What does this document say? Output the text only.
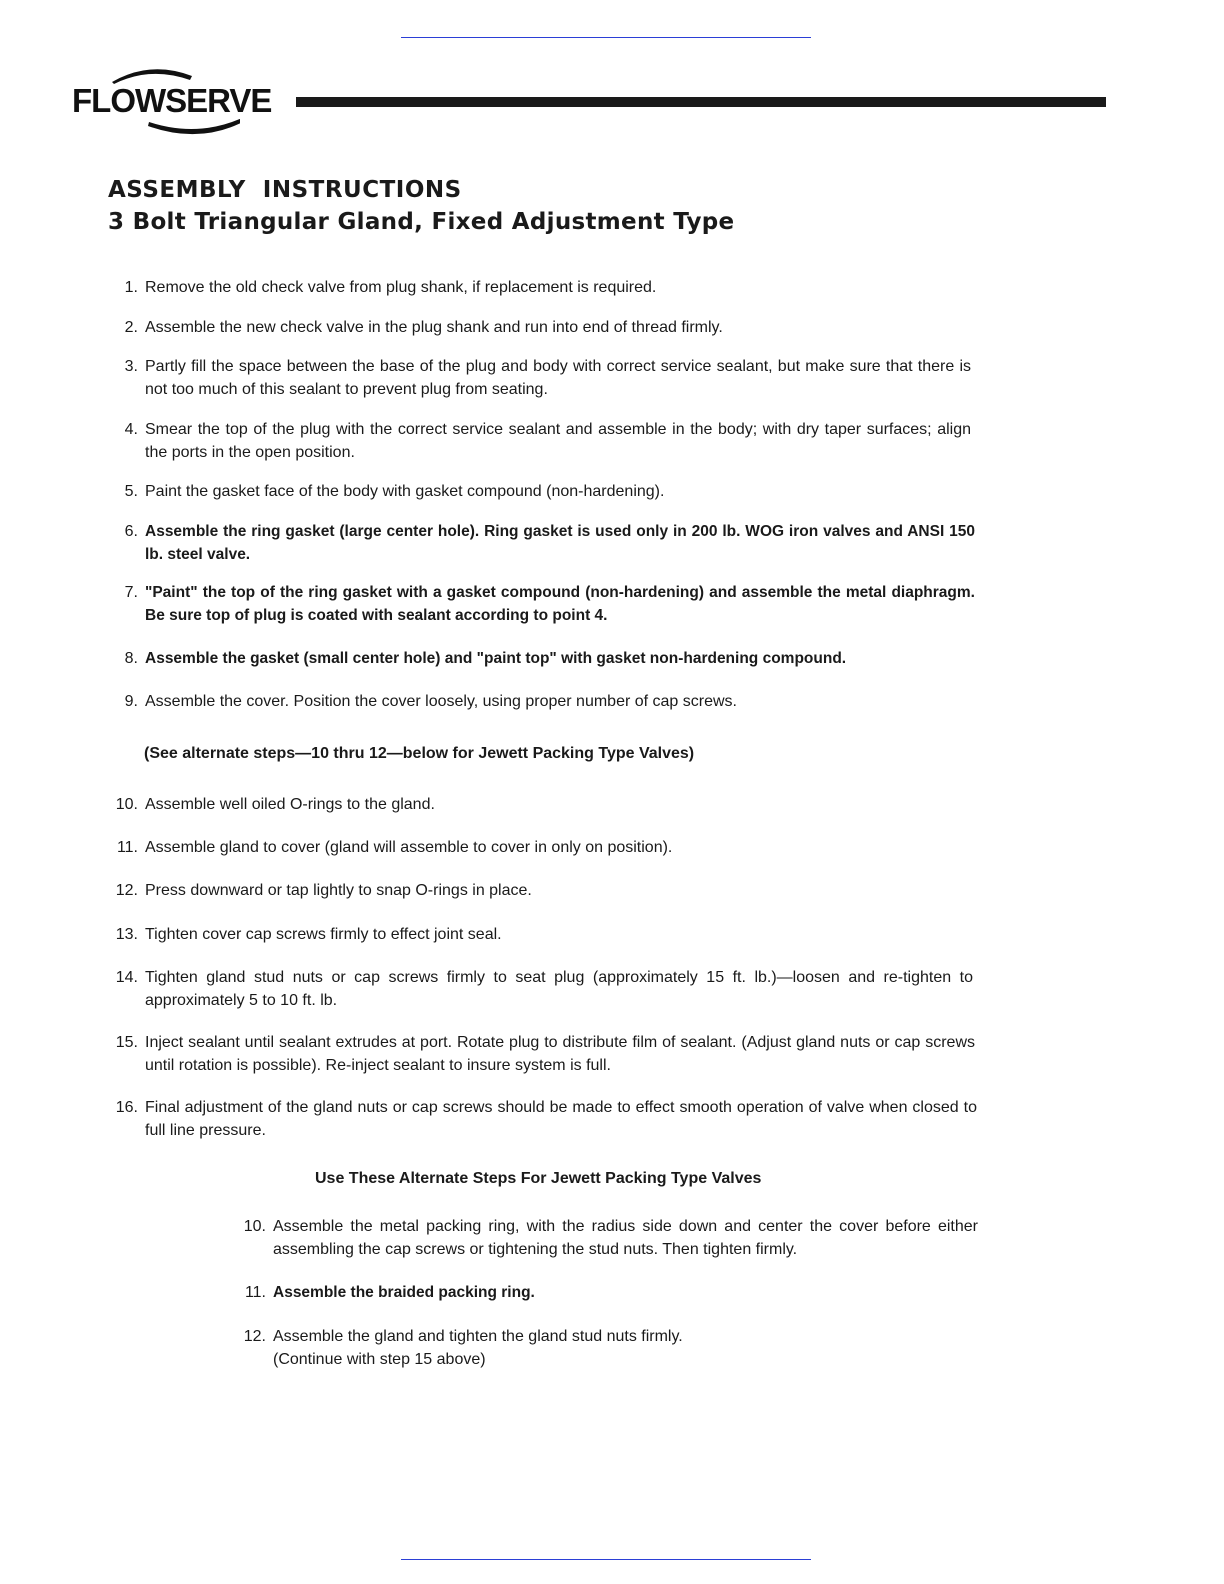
FLOWSERVE
ASSEMBLY  INSTRUCTIONS
3 Bolt Triangular Gland, Fixed Adjustment Type
1. Remove the old check valve from plug shank, if replacement is required.
2. Assemble the new check valve in the plug shank and run into end of thread firmly.
3. Partly fill the space between the base of the plug and body with correct service sealant, but make sure that there is not too much of this sealant to prevent plug from seating.
4. Smear the top of the plug with the correct service sealant and assemble in the body; with dry taper surfaces; align the ports in the open position.
5. Paint the gasket face of the body with gasket compound (non-hardening).
6. Assemble the ring gasket (large center hole). Ring gasket is used only in 200 lb. WOG iron valves and ANSI 150 lb. steel valve.
7. "Paint" the top of the ring gasket with a gasket compound (non-hardening) and assemble the metal diaphragm. Be sure top of plug is coated with sealant according to point 4.
8. Assemble the gasket (small center hole) and "paint top" with gasket non-hardening compound.
9. Assemble the cover. Position the cover loosely, using proper number of cap screws.
(See alternate steps—10 thru 12—below for Jewett Packing Type Valves)
10. Assemble well oiled O-rings to the gland.
11. Assemble gland to cover (gland will assemble to cover in only on position).
12. Press downward or tap lightly to snap O-rings in place.
13. Tighten cover cap screws firmly to effect joint seal.
14. Tighten gland stud nuts or cap screws firmly to seat plug (approximately 15 ft. lb.)—loosen and re-tighten to approximately 5 to 10 ft. lb.
15. Inject sealant until sealant extrudes at port. Rotate plug to distribute film of sealant. (Adjust gland nuts or cap screws until rotation is possible). Re-inject sealant to insure system is full.
16. Final adjustment of the gland nuts or cap screws should be made to effect smooth operation of valve when closed to full line pressure.
Use These Alternate Steps For Jewett Packing Type Valves
10. Assemble the metal packing ring, with the radius side down and center the cover before either assembling the cap screws or tightening the stud nuts. Then tighten firmly.
11. Assemble the braided packing ring.
12. Assemble the gland and tighten the gland stud nuts firmly.
(Continue with step 15 above)
